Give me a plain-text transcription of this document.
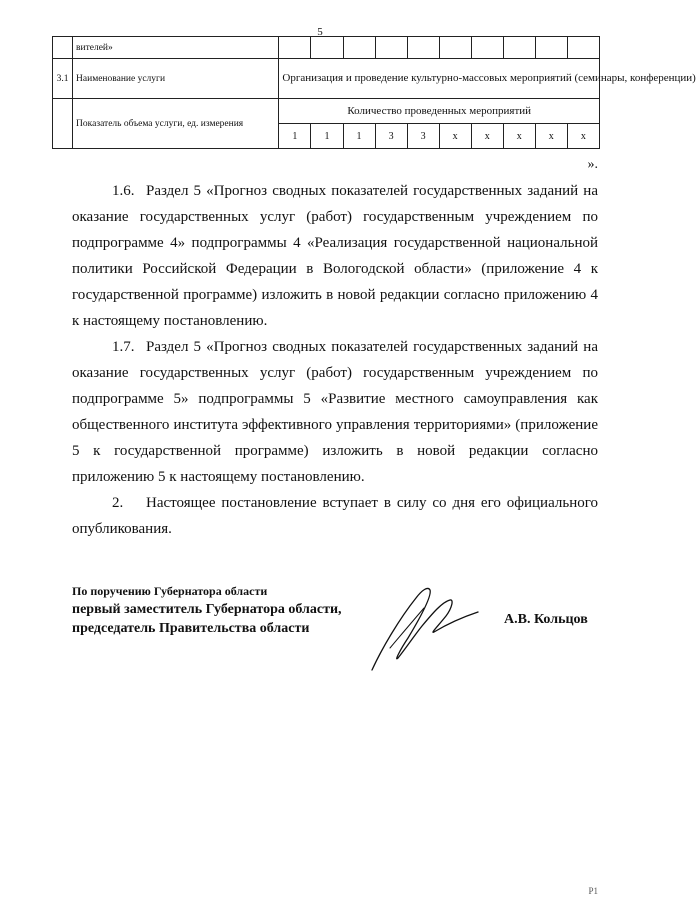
5
	вителей»										
3.1	Наименование услуги	Организация и проведение культурно-массовых мероприятий (семинары, конференции)									
	Показатель объема услуги, ед. измерения	Количество проведенных мероприятий									
		1	1	1	3	3	x	x	x	x	x
».

1.6. Раздел 5 «Прогноз сводных показателей государственных заданий на оказание государственных услуг (работ) государственным учреждением по подпрограмме 4» подпрограммы 4 «Реализация государственной национальной политики Российской Федерации в Вологодской области» (приложение 4 к государственной программе) изложить в новой редакции согласно приложению 4 к настоящему постановлению.

1.7. Раздел 5 «Прогноз сводных показателей государственных заданий на оказание государственных услуг (работ) государственным учреждением по подпрограмме 5» подпрограммы 5 «Развитие местного самоуправления как общественного института эффективного управления территориями» (приложение 5 к государственной программе) изложить в новой редакции согласно приложению 5 к настоящему постановлению.

2. Настоящее постановление вступает в силу со дня его официального опубликования.

По поручению Губернатора области
первый заместитель Губернатора области,
председатель Правительства области
А.В. Кольцов
Р1
